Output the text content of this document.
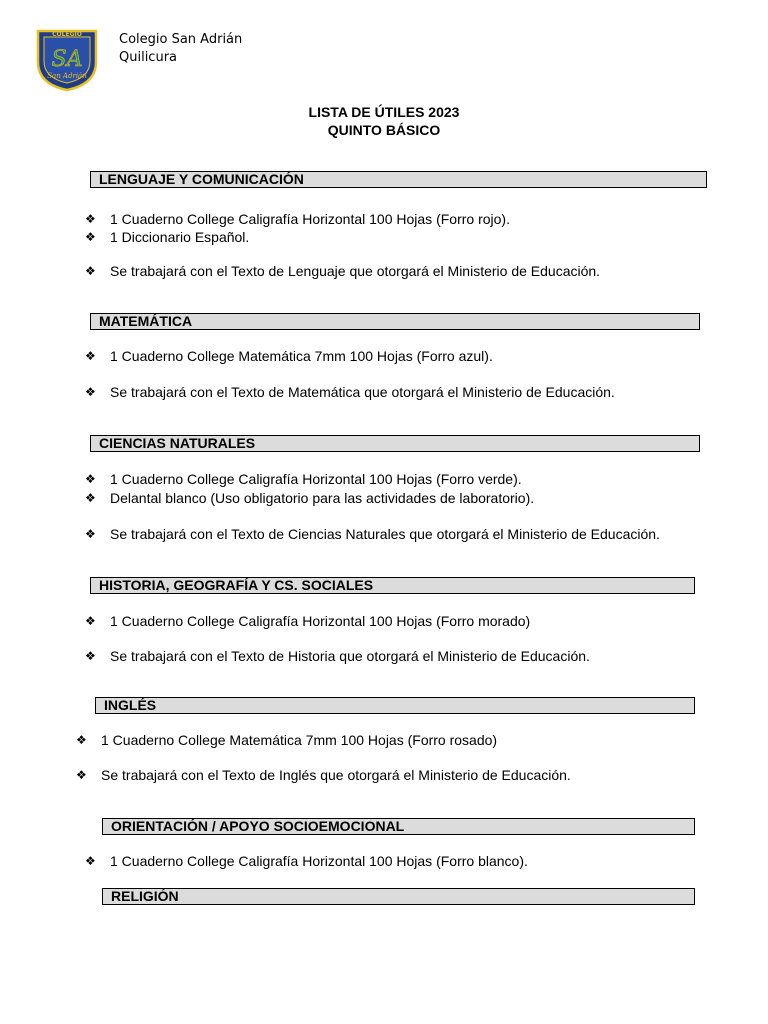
COLEGIO
SA
San Adrián
Colegio San Adrián
Quilicura
LISTA DE ÚTILES 2023
QUINTO BÁSICO
LENGUAJE Y COMUNICACIÓN
❖ 1 Cuaderno College Caligrafía Horizontal 100 Hojas (Forro rojo).
❖ 1 Diccionario Español.
❖ Se trabajará con el Texto de Lenguaje que otorgará el Ministerio de Educación.
MATEMÁTICA
❖ 1 Cuaderno College Matemática 7mm 100 Hojas (Forro azul).
❖ Se trabajará con el Texto de Matemática que otorgará el Ministerio de Educación.
CIENCIAS NATURALES
❖ 1 Cuaderno College Caligrafía Horizontal 100 Hojas (Forro verde).
❖ Delantal blanco (Uso obligatorio para las actividades de laboratorio).
❖ Se trabajará con el Texto de Ciencias Naturales que otorgará el Ministerio de Educación.
HISTORIA, GEOGRAFÍA Y CS. SOCIALES
❖ 1 Cuaderno College Caligrafía Horizontal 100 Hojas (Forro morado)
❖ Se trabajará con el Texto de Historia que otorgará el Ministerio de Educación.
INGLÉS
❖ 1 Cuaderno College Matemática 7mm 100 Hojas (Forro rosado)
❖ Se trabajará con el Texto de Inglés que otorgará el Ministerio de Educación.
ORIENTACIÓN / APOYO SOCIOEMOCIONAL
❖ 1 Cuaderno College Caligrafía Horizontal 100 Hojas (Forro blanco).
RELIGIÓN
